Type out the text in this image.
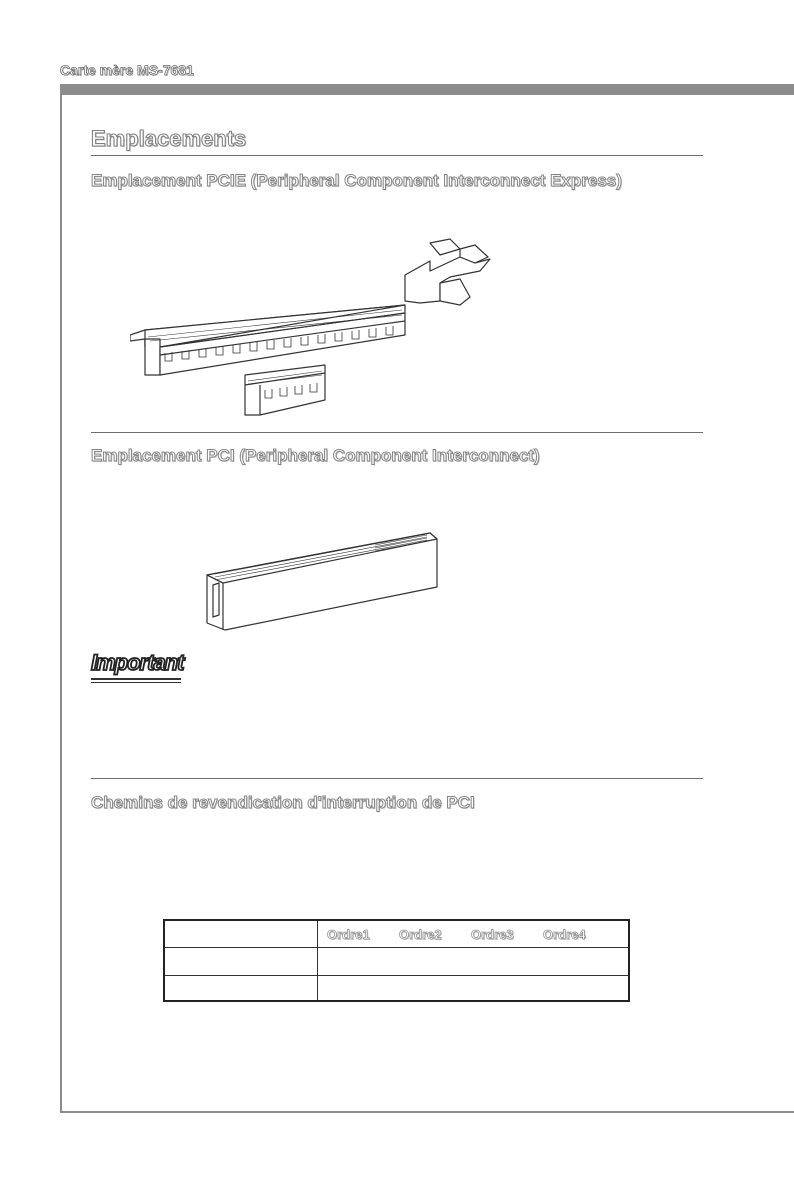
Carte mère MS-7681
Emplacements
Emplacement PCIE (Peripheral Component Interconnect Express)
Emplacement PCI (Peripheral Component Interconnect)
Important
Chemins de revendication d'interruption de PCI
Ordre1 Ordre2 Ordre3 Ordre4
